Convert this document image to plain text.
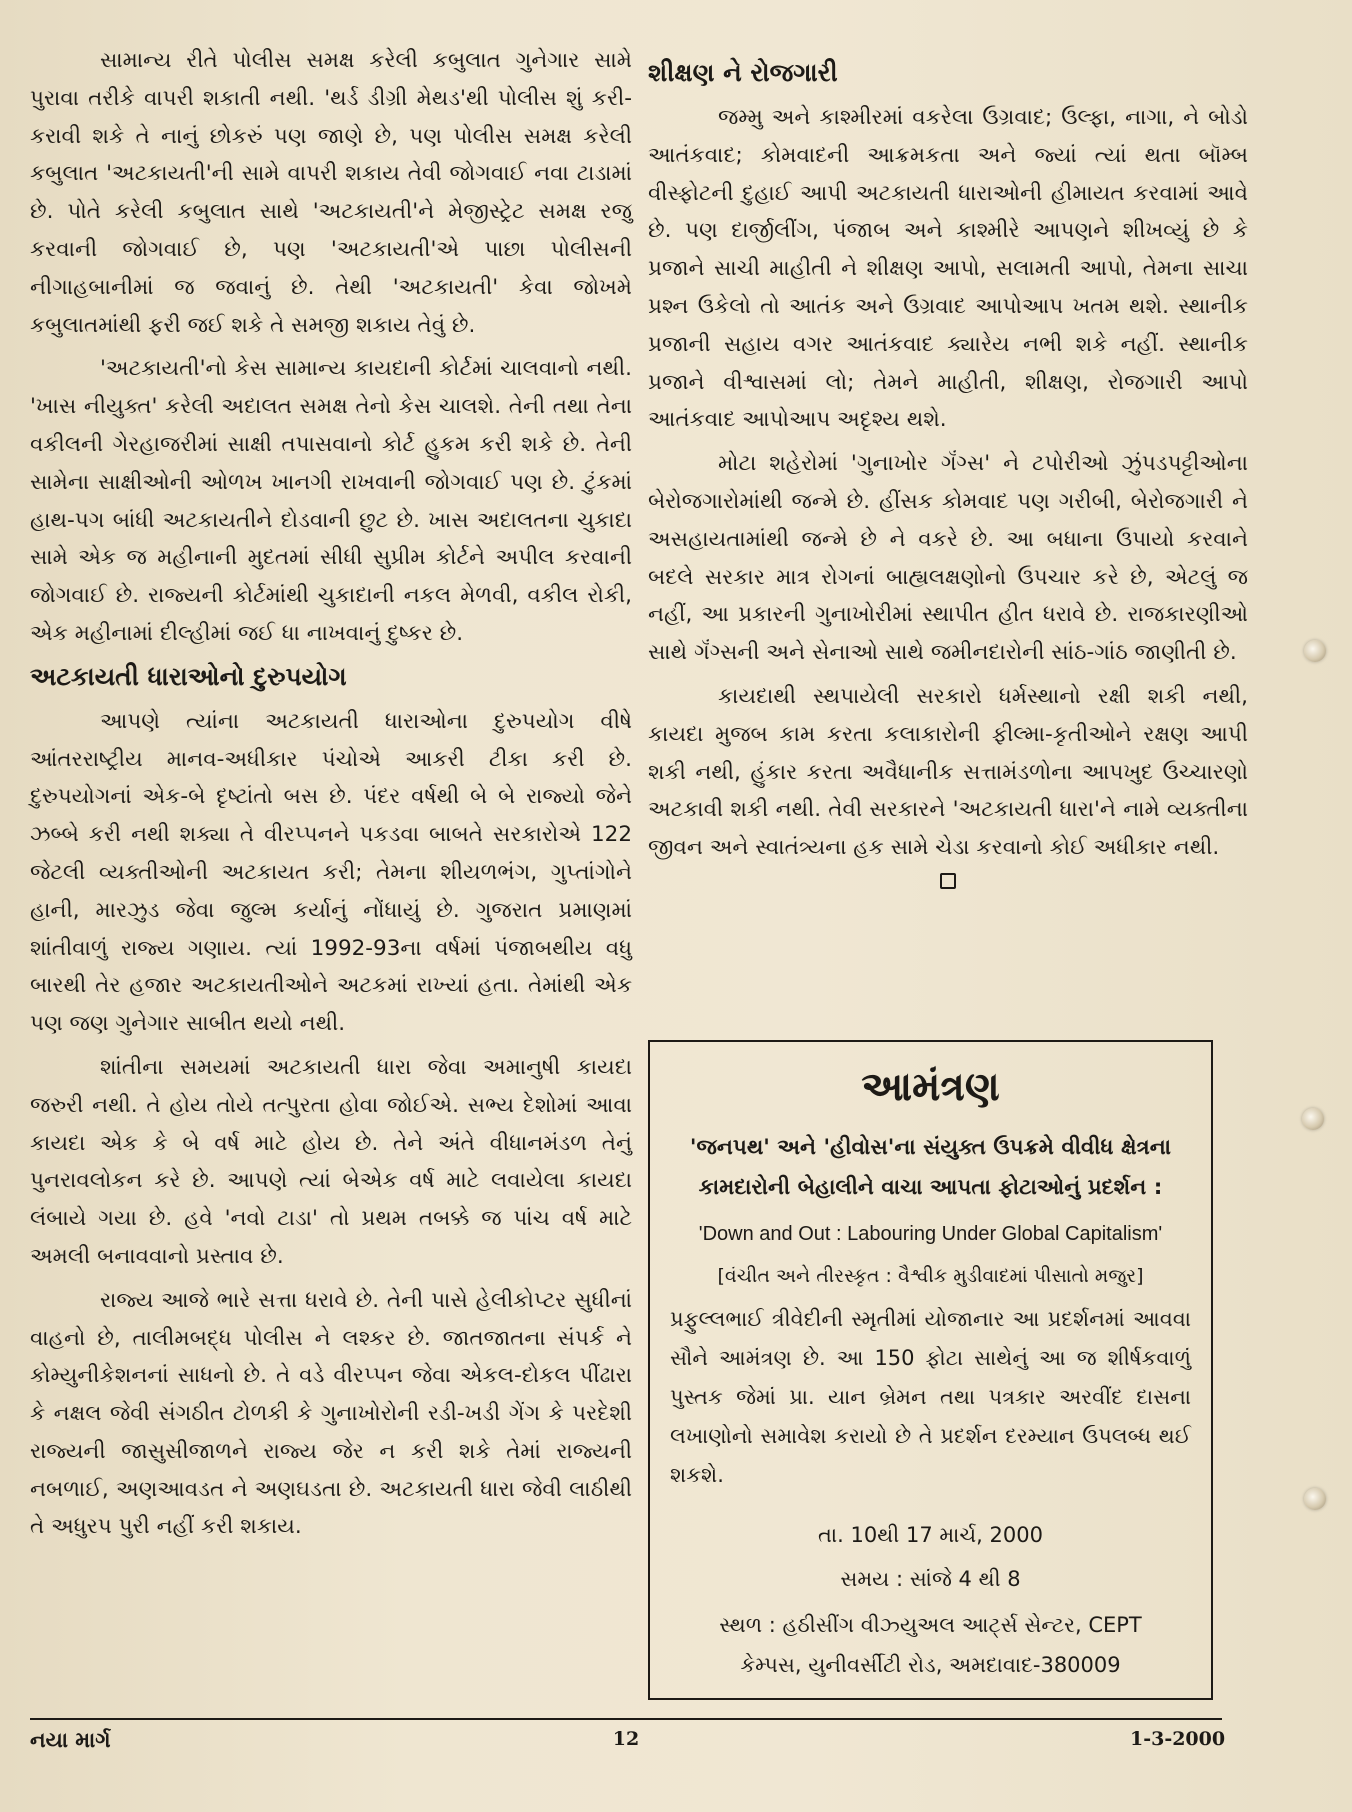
સામાન્ય રીતે પોલીસ સમક્ષ કરેલી કબુલાત ગુનેગાર સામે પુરાવા તરીકે વાપરી શકાતી નથી. 'થર્ડ ડીગ્રી મેથડ'થી પોલીસ શું કરી-કરાવી શકે તે નાનું છોકરું પણ જાણે છે, પણ પોલીસ સમક્ષ કરેલી કબુલાત 'અટકાયતી'ની સામે વાપરી શકાય તેવી જોગવાઈ નવા ટાડામાં છે. પોતે કરેલી કબુલાત સાથે 'અટકાયતી'ને મેજીસ્ટ્રેટ સમક્ષ રજુ કરવાની જોગવાઈ છે, પણ 'અટકાયતી'એ પાછા પોલીસની નીગાહબાનીમાં જ જવાનું છે. તેથી 'અટકાયતી' કેવા જોખમે કબુલાતમાંથી ફરી જઈ શકે તે સમજી શકાય તેવું છે.

'અટકાયતી'નો કેસ સામાન્ય કાયદાની કોર્ટમાં ચાલવાનો નથી. 'ખાસ નીયુક્ત' કરેલી અદાલત સમક્ષ તેનો કેસ ચાલશે. તેની તથા તેના વકીલની ગેરહાજરીમાં સાક્ષી તપાસવાનો કોર્ટ હુકમ કરી શકે છે. તેની સામેના સાક્ષીઓની ઓળખ ખાનગી રાખવાની જોગવાઈ પણ છે. ટુંકમાં હાથ-પગ બાંધી અટકાયતીને દોડવાની છુટ છે. ખાસ અદાલતના ચુકાદા સામે એક જ મહીનાની મુદતમાં સીધી સુપ્રીમ કોર્ટને અપીલ કરવાની જોગવાઈ છે. રાજ્યની કોર્ટમાંથી ચુકાદાની નકલ મેળવી, વકીલ રોકી, એક મહીનામાં દીલ્હીમાં જઈ ધા નાખવાનું દુષ્કર છે.

અટકાયતી ધારાઓનો દુરુપયોગ

આપણે ત્યાંના અટકાયતી ધારાઓના દુરુપયોગ વીષે આંતરરાષ્ટ્રીય માનવ-અધીકાર પંચોએ આકરી ટીકા કરી છે. દુરુપયોગનાં એક-બે દૃષ્ટાંતો બસ છે. પંદર વર્ષથી બે બે રાજ્યો જેને ઝબ્બે કરી નથી શક્યા તે વીરપ્પનને પકડવા બાબતે સરકારોએ 122 જેટલી વ્યક્તીઓની અટકાયત કરી; તેમના શીયળભંગ, ગુપ્તાંગોને હાની, મારઝુડ જેવા જુલ્મ કર્યાનું નોંધાયું છે. ગુજરાત પ્રમાણમાં શાંતીવાળું રાજ્ય ગણાય. ત્યાં 1992-93ના વર્ષમાં પંજાબથીય વધુ બારથી તેર હજાર અટકાયતીઓને અટકમાં રાખ્યાં હતા. તેમાંથી એક પણ જણ ગુનેગાર સાબીત થયો નથી.

શાંતીના સમયમાં અટકાયતી ધારા જેવા અમાનુષી કાયદા જરુરી નથી. તે હોય તોયે તત્પુરતા હોવા જોઈએ. સભ્ય દેશોમાં આવા કાયદા એક કે બે વર્ષ માટે હોય છે. તેને અંતે વીધાનમંડળ તેનું પુનરાવલોકન કરે છે. આપણે ત્યાં બેએક વર્ષ માટે લવાયેલા કાયદા લંબાયે ગયા છે. હવે 'નવો ટાડા' તો પ્રથમ તબક્કે જ પાંચ વર્ષ માટે અમલી બનાવવાનો પ્રસ્તાવ છે.

રાજ્ય આજે ભારે સત્તા ધરાવે છે. તેની પાસે હેલીકોપ્ટર સુધીનાં વાહનો છે, તાલીમબદ્ધ પોલીસ ને લશ્કર છે. જાતજાતના સંપર્ક ને કોમ્યુનીકેશનનાં સાધનો છે. તે વડે વીરપ્પન જેવા એકલ-દોકલ પીંઢારા કે નક્ષલ જેવી સંગઠીત ટોળકી કે ગુનાખોરોની રડી-ખડી ગેંગ કે પરદેશી રાજ્યની જાસુસીજાળને રાજ્ય જેર ન કરી શકે તેમાં રાજ્યની નબળાઈ, અણઆવડત ને અણઘડતા છે. અટકાયતી ધારા જેવી લાઠીથી તે અધુરપ પુરી નહીં કરી શકાય.

શીક્ષણ ને રોજગારી

જમ્મુ અને કાશ્મીરમાં વકરેલા ઉગ્રવાદ; ઉલ્ફા, નાગા, ને બોડો આતંકવાદ; કોમવાદની આક્રમકતા અને જ્યાં ત્યાં થતા બૉમ્બ વીસ્ફોટની દુહાઈ આપી અટકાયતી ધારાઓની હીમાયત કરવામાં આવે છે. પણ દાર્જીલીંગ, પંજાબ અને કાશ્મીરે આપણને શીખવ્યું છે કે પ્રજાને સાચી માહીતી ને શીક્ષણ આપો, સલામતી આપો, તેમના સાચા પ્રશ્ન ઉકેલો તો આતંક અને ઉગ્રવાદ આપોઆપ ખતમ થશે. સ્થાનીક પ્રજાની સહાય વગર આતંકવાદ ક્યારેય નભી શકે નહીં. સ્થાનીક પ્રજાને વીશ્વાસમાં લો; તેમને માહીતી, શીક્ષણ, રોજગારી આપો આતંકવાદ આપોઆપ અદૃશ્ય થશે.

મોટા શહેરોમાં 'ગુનાખોર ગૅંગ્સ' ને ટપોરીઓ ઝુંપડપટ્ટીઓના બેરોજગારોમાંથી જન્મે છે. હીંસક કોમવાદ પણ ગરીબી, બેરોજગારી ને અસહાયતામાંથી જન્મે છે ને વકરે છે. આ બધાના ઉપાયો કરવાને બદલે સરકાર માત્ર રોગનાં બાહ્યલક્ષણોનો ઉપચાર કરે છે, એટલું જ નહીં, આ પ્રકારની ગુનાખોરીમાં સ્થાપીત હીત ધરાવે છે. રાજકારણીઓ સાથે ગૅંગ્સની અને સેનાઓ સાથે જમીનદારોની સાંઠ-ગાંઠ જાણીતી છે.

કાયદાથી સ્થપાયેલી સરકારો ધર્મસ્થાનો રક્ષી શકી નથી, કાયદા મુજબ કામ કરતા કલાકારોની ફીલ્મા-કૃતીઓને રક્ષણ આપી શકી નથી, હુંકાર કરતા અવૈધાનીક સત્તામંડળોના આપખુદ ઉચ્ચારણો અટકાવી શકી નથી. તેવી સરકારને 'અટકાયતી ધારા'ને નામે વ્યક્તીના જીવન અને સ્વાતંત્ર્યના હક સામે ચેડા કરવાનો કોઈ અધીકાર નથી.

આમંત્રણ

'જનપથ' અને 'હીવોસ'ના સંયુક્ત ઉપક્રમે વીવીધ ક્ષેત્રના કામદારોની બેહાલીને વાચા આપતા ફોટાઓનું પ્રદર્શન :

'Down and Out : Labouring Under Global Capitalism'

[વંચીત અને તીરસ્કૃત : વૈશ્વીક મુડીવાદમાં પીસાતો મજુર]

પ્રફુલ્લભાઈ ત્રીવેદીની સ્મૃતીમાં યોજાનાર આ પ્રદર્શનમાં આવવા સૌને આમંત્રણ છે. આ 150 ફોટા સાથેનું આ જ શીર્ષકવાળું પુસ્તક જેમાં પ્રા. યાન બ્રેમન તથા પત્રકાર અરવીંદ દાસના લખાણોનો સમાવેશ કરાયો છે તે પ્રદર્શન દરમ્યાન ઉપલબ્ધ થઈ શકશે.

તા. 10થી 17 માર્ચ, 2000

સમય : સાંજે 4 થી 8

સ્થળ : હઠીસીંગ વીઝ્યુઅલ આર્ટ્સ સેન્ટર, CEPT
કેમ્પસ, યુનીવર્સીટી રોડ, અમદાવાદ-380009

નયા માર્ગ	12	1-3-2000
